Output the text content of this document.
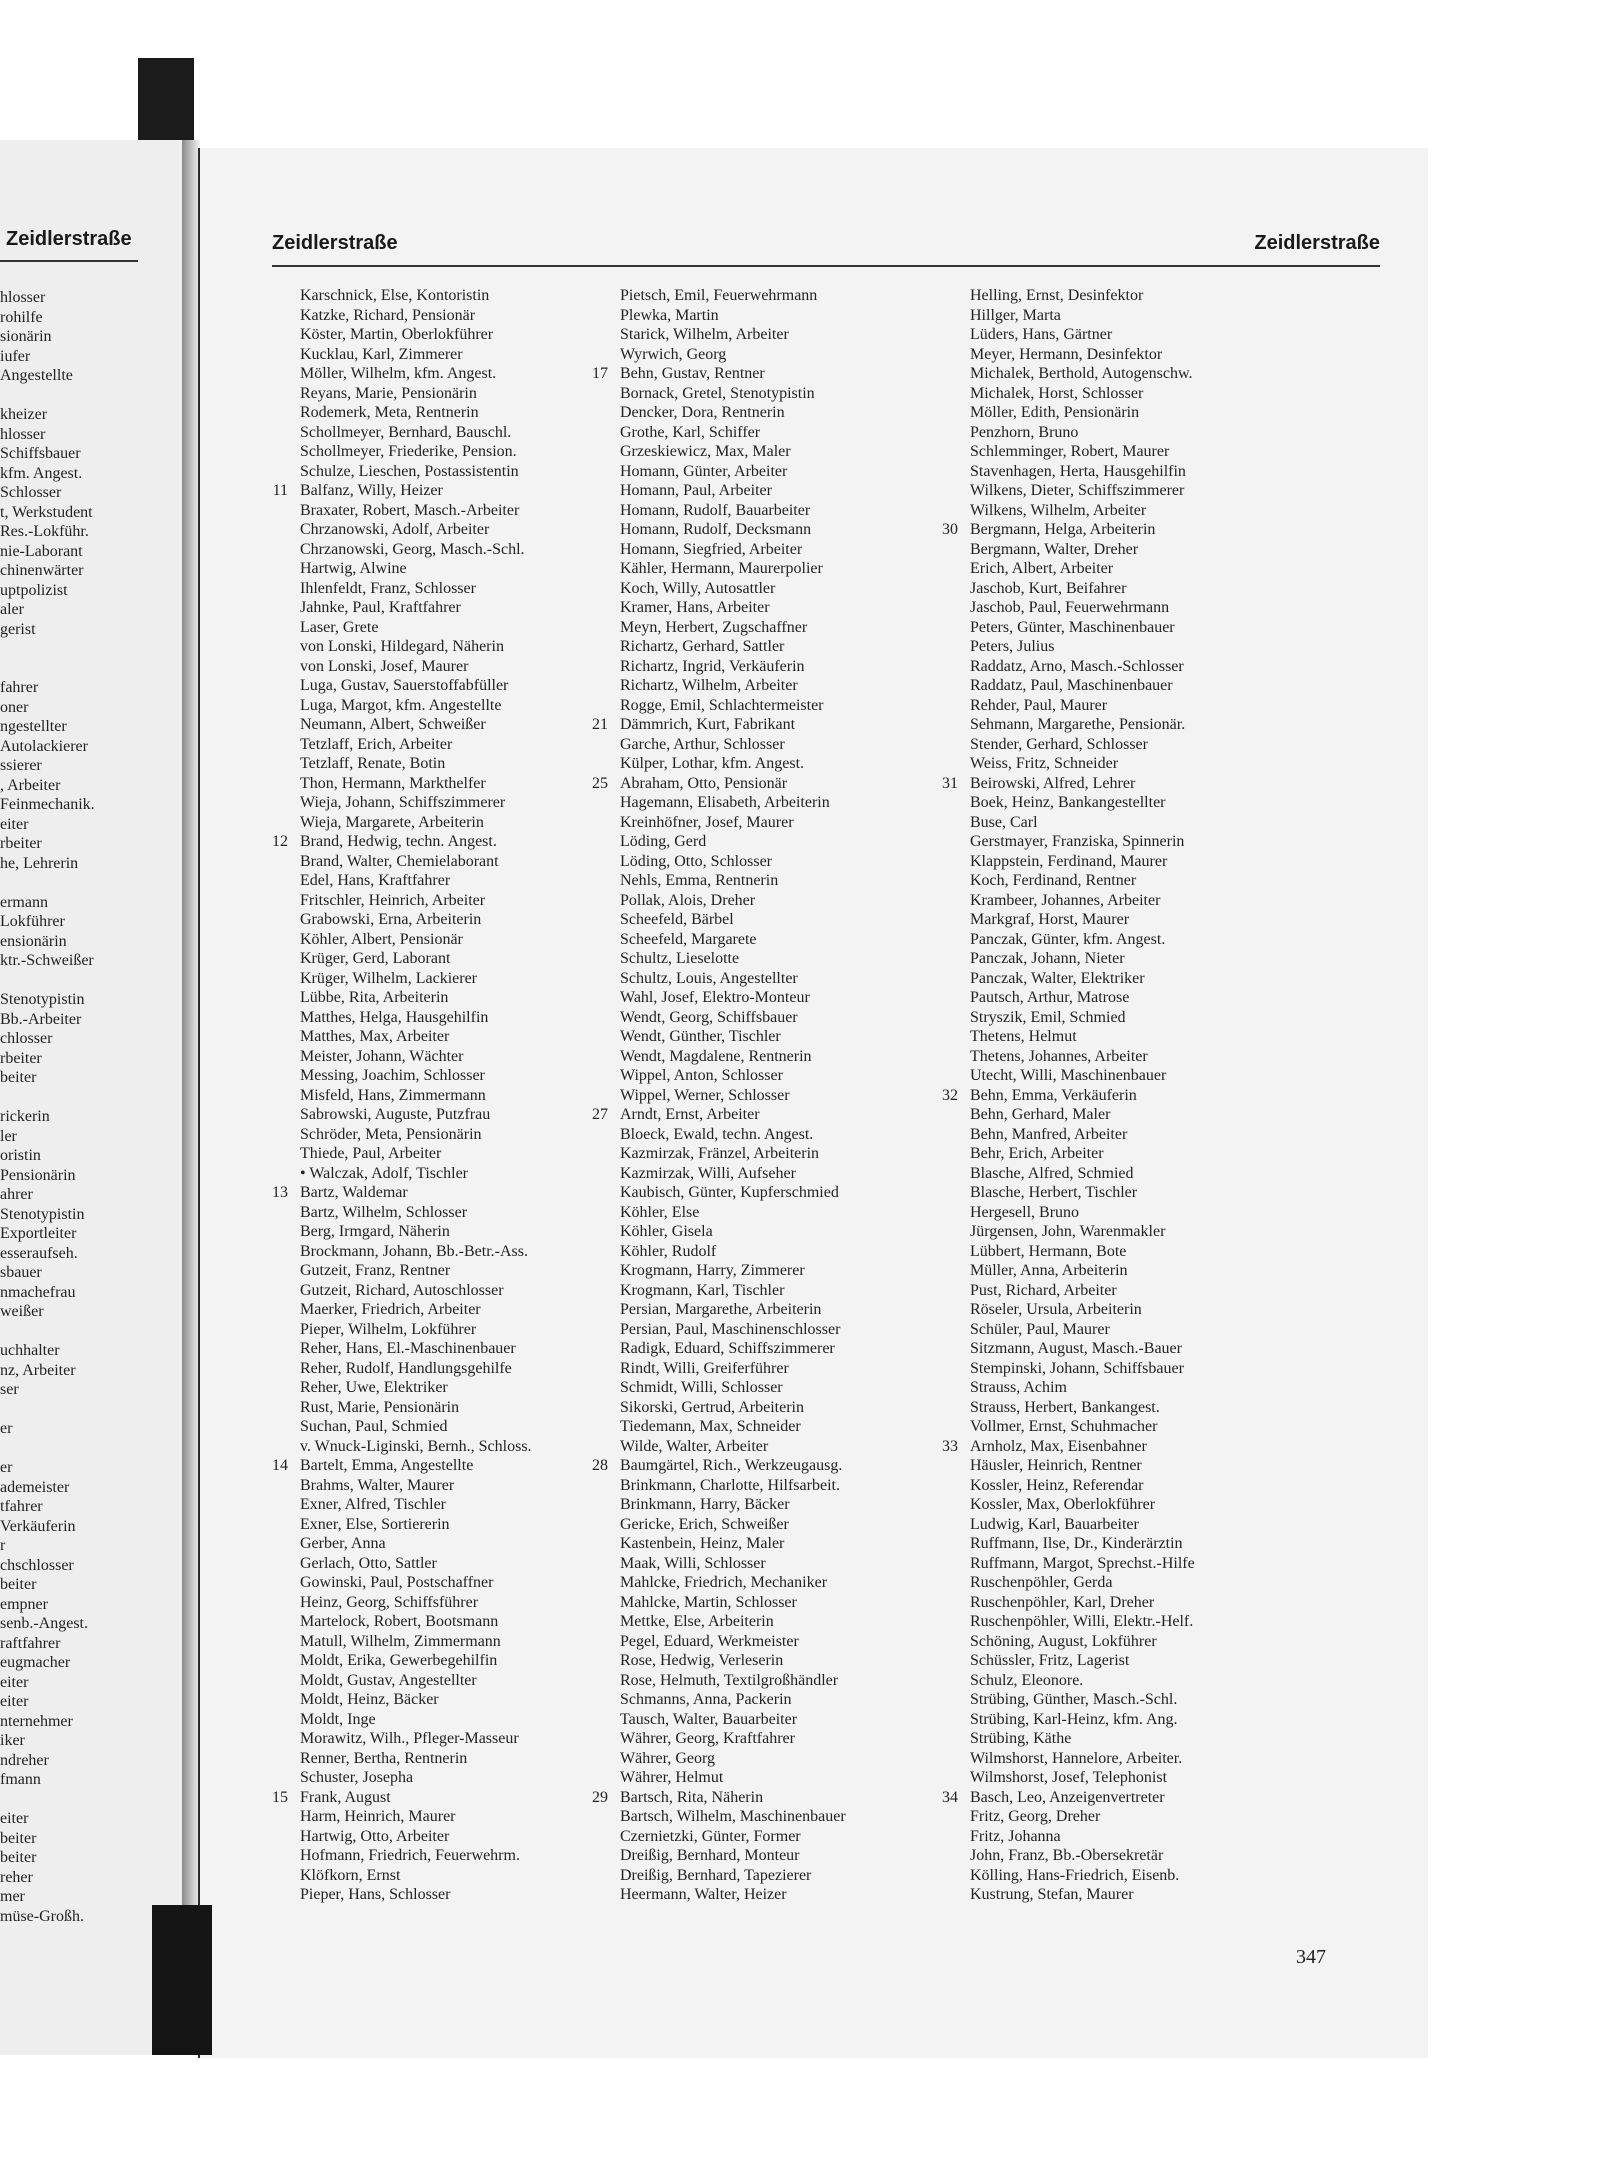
Zeidlerstraße
hlosser
rohilfe
sionärin
iufer
Angestellte
kheizer
hlosser
Schiffsbauer
kfm. Angest.
Schlosser
t, Werkstudent
Res.-Lokführ.
nie-Laborant
chinenwärter
uptpolizist
aler
gerist
fahrer
oner
ngestellter
Autolackierer
ssierer
, Arbeiter
Feinmechanik.
eiter
rbeiter
he, Lehrerin
ermann
Lokführer
ensionärin
ktr.-Schweißer
Stenotypistin
Bb.-Arbeiter
chlosser
rbeiter
beiter
rickerin
ler
oristin
Pensionärin
ahrer
Stenotypistin
Exportleiter
esseraufseh.
sbauer
nmachefrau
weißer
uchhalter
nz, Arbeiter
ser
er
er
ademeister
tfahrer
Verkäuferin
r
chschlosser
beiter
empner
senb.-Angest.
raftfahrer
eugmacher
eiter
eiter
nternehmer
iker
ndreher
fmann
eiter
beiter
beiter
reher
mer
müse-Großh.
Zeidlerstraße	Zeidlerstraße
Karschnick, Else, Kontoristin
Katzke, Richard, Pensionär
Köster, Martin, Oberlokführer
Kucklau, Karl, Zimmerer
Möller, Wilhelm, kfm. Angest.
Reyans, Marie, Pensionärin
Rodemerk, Meta, Rentnerin
Schollmeyer, Bernhard, Bauschl.
Schollmeyer, Friederike, Pension.
Schulze, Lieschen, Postassistentin
11 Balfanz, Willy, Heizer
Braxater, Robert, Masch.-Arbeiter
Chrzanowski, Adolf, Arbeiter
Chrzanowski, Georg, Masch.-Schl.
Hartwig, Alwine
Ihlenfeldt, Franz, Schlosser
Jahnke, Paul, Kraftfahrer
Laser, Grete
von Lonski, Hildegard, Näherin
von Lonski, Josef, Maurer
Luga, Gustav, Sauerstoffabfüller
Luga, Margot, kfm. Angestellte
Neumann, Albert, Schweißer
Tetzlaff, Erich, Arbeiter
Tetzlaff, Renate, Botin
Thon, Hermann, Markthelfer
Wieja, Johann, Schiffszimmerer
Wieja, Margarete, Arbeiterin
12 Brand, Hedwig, techn. Angest.
Brand, Walter, Chemielaborant
Edel, Hans, Kraftfahrer
Fritschler, Heinrich, Arbeiter
Grabowski, Erna, Arbeiterin
Köhler, Albert, Pensionär
Krüger, Gerd, Laborant
Krüger, Wilhelm, Lackierer
Lübbe, Rita, Arbeiterin
Matthes, Helga, Hausgehilfin
Matthes, Max, Arbeiter
Meister, Johann, Wächter
Messing, Joachim, Schlosser
Misfeld, Hans, Zimmermann
Sabrowski, Auguste, Putzfrau
Schröder, Meta, Pensionärin
Thiede, Paul, Arbeiter
• Walczak, Adolf, Tischler
13 Bartz, Waldemar
Bartz, Wilhelm, Schlosser
Berg, Irmgard, Näherin
Brockmann, Johann, Bb.-Betr.-Ass.
Gutzeit, Franz, Rentner
Gutzeit, Richard, Autoschlosser
Maerker, Friedrich, Arbeiter
Pieper, Wilhelm, Lokführer
Reher, Hans, El.-Maschinenbauer
Reher, Rudolf, Handlungsgehilfe
Reher, Uwe, Elektriker
Rust, Marie, Pensionärin
Suchan, Paul, Schmied
v. Wnuck-Liginski, Bernh., Schloss.
14 Bartelt, Emma, Angestellte
Brahms, Walter, Maurer
Exner, Alfred, Tischler
Exner, Else, Sortiererin
Gerber, Anna
Gerlach, Otto, Sattler
Gowinski, Paul, Postschaffner
Heinz, Georg, Schiffsführer
Martelock, Robert, Bootsmann
Matull, Wilhelm, Zimmermann
Moldt, Erika, Gewerbegehilfin
Moldt, Gustav, Angestellter
Moldt, Heinz, Bäcker
Moldt, Inge
Morawitz, Wilh., Pfleger-Masseur
Renner, Bertha, Rentnerin
Schuster, Josepha
15 Frank, August
Harm, Heinrich, Maurer
Hartwig, Otto, Arbeiter
Hofmann, Friedrich, Feuerwehrm.
Klöfkorn, Ernst
Pieper, Hans, Schlosser
Pietsch, Emil, Feuerwehrmann
Plewka, Martin
Starick, Wilhelm, Arbeiter
Wyrwich, Georg
17 Behn, Gustav, Rentner
Bornack, Gretel, Stenotypistin
Dencker, Dora, Rentnerin
Grothe, Karl, Schiffer
Grzeskiewicz, Max, Maler
Homann, Günter, Arbeiter
Homann, Paul, Arbeiter
Homann, Rudolf, Bauarbeiter
Homann, Rudolf, Decksmann
Homann, Siegfried, Arbeiter
Kähler, Hermann, Maurerpolier
Koch, Willy, Autosattler
Kramer, Hans, Arbeiter
Meyn, Herbert, Zugschaffner
Richartz, Gerhard, Sattler
Richartz, Ingrid, Verkäuferin
Richartz, Wilhelm, Arbeiter
Rogge, Emil, Schlachtermeister
21 Dämmrich, Kurt, Fabrikant
Garche, Arthur, Schlosser
Külper, Lothar, kfm. Angest.
25 Abraham, Otto, Pensionär
Hagemann, Elisabeth, Arbeiterin
Kreinhöfner, Josef, Maurer
Löding, Gerd
Löding, Otto, Schlosser
Nehls, Emma, Rentnerin
Pollak, Alois, Dreher
Scheefeld, Bärbel
Scheefeld, Margarete
Schultz, Lieselotte
Schultz, Louis, Angestellter
Wahl, Josef, Elektro-Monteur
Wendt, Georg, Schiffsbauer
Wendt, Günther, Tischler
Wendt, Magdalene, Rentnerin
Wippel, Anton, Schlosser
Wippel, Werner, Schlosser
27 Arndt, Ernst, Arbeiter
Bloeck, Ewald, techn. Angest.
Kazmirzak, Fränzel, Arbeiterin
Kazmirzak, Willi, Aufseher
Kaubisch, Günter, Kupferschmied
Köhler, Else
Köhler, Gisela
Köhler, Rudolf
Krogmann, Harry, Zimmerer
Krogmann, Karl, Tischler
Persian, Margarethe, Arbeiterin
Persian, Paul, Maschinenschlosser
Radigk, Eduard, Schiffszimmerer
Rindt, Willi, Greiferführer
Schmidt, Willi, Schlosser
Sikorski, Gertrud, Arbeiterin
Tiedemann, Max, Schneider
Wilde, Walter, Arbeiter
28 Baumgärtel, Rich., Werkzeugausg.
Brinkmann, Charlotte, Hilfsarbeit.
Brinkmann, Harry, Bäcker
Gericke, Erich, Schweißer
Kastenbein, Heinz, Maler
Maak, Willi, Schlosser
Mahlcke, Friedrich, Mechaniker
Mahlcke, Martin, Schlosser
Mettke, Else, Arbeiterin
Pegel, Eduard, Werkmeister
Rose, Hedwig, Verleserin
Rose, Helmuth, Textilgroßhändler
Schmanns, Anna, Packerin
Tausch, Walter, Bauarbeiter
Währer, Georg, Kraftfahrer
Währer, Georg
Währer, Helmut
29 Bartsch, Rita, Näherin
Bartsch, Wilhelm, Maschinenbauer
Czernietzki, Günter, Former
Dreißig, Bernhard, Monteur
Dreißig, Bernhard, Tapezierer
Heermann, Walter, Heizer
Helling, Ernst, Desinfektor
Hillger, Marta
Lüders, Hans, Gärtner
Meyer, Hermann, Desinfektor
Michalek, Berthold, Autogenschw.
Michalek, Horst, Schlosser
Möller, Edith, Pensionärin
Penzhorn, Bruno
Schlemminger, Robert, Maurer
Stavenhagen, Herta, Hausgehilfin
Wilkens, Dieter, Schiffszimmerer
Wilkens, Wilhelm, Arbeiter
30 Bergmann, Helga, Arbeiterin
Bergmann, Walter, Dreher
Erich, Albert, Arbeiter
Jaschob, Kurt, Beifahrer
Jaschob, Paul, Feuerwehrmann
Peters, Günter, Maschinenbauer
Peters, Julius
Raddatz, Arno, Masch.-Schlosser
Raddatz, Paul, Maschinenbauer
Rehder, Paul, Maurer
Sehmann, Margarethe, Pensionär.
Stender, Gerhard, Schlosser
Weiss, Fritz, Schneider
31 Beirowski, Alfred, Lehrer
Boek, Heinz, Bankangestellter
Buse, Carl
Gerstmayer, Franziska, Spinnerin
Klappstein, Ferdinand, Maurer
Koch, Ferdinand, Rentner
Krambeer, Johannes, Arbeiter
Markgraf, Horst, Maurer
Panczak, Günter, kfm. Angest.
Panczak, Johann, Nieter
Panczak, Walter, Elektriker
Pautsch, Arthur, Matrose
Stryszik, Emil, Schmied
Thetens, Helmut
Thetens, Johannes, Arbeiter
Utecht, Willi, Maschinenbauer
32 Behn, Emma, Verkäuferin
Behn, Gerhard, Maler
Behn, Manfred, Arbeiter
Behr, Erich, Arbeiter
Blasche, Alfred, Schmied
Blasche, Herbert, Tischler
Hergesell, Bruno
Jürgensen, John, Warenmakler
Lübbert, Hermann, Bote
Müller, Anna, Arbeiterin
Pust, Richard, Arbeiter
Röseler, Ursula, Arbeiterin
Schüler, Paul, Maurer
Sitzmann, August, Masch.-Bauer
Stempinski, Johann, Schiffsbauer
Strauss, Achim
Strauss, Herbert, Bankangest.
Vollmer, Ernst, Schuhmacher
33 Arnholz, Max, Eisenbahner
Häusler, Heinrich, Rentner
Kossler, Heinz, Referendar
Kossler, Max, Oberlokführer
Ludwig, Karl, Bauarbeiter
Ruffmann, Ilse, Dr., Kinderärztin
Ruffmann, Margot, Sprechst.-Hilfe
Ruschenpöhler, Gerda
Ruschenpöhler, Karl, Dreher
Ruschenpöhler, Willi, Elektr.-Helf.
Schöning, August, Lokführer
Schüssler, Fritz, Lagerist
Schulz, Eleonore.
Strübing, Günther, Masch.-Schl.
Strübing, Karl-Heinz, kfm. Ang.
Strübing, Käthe
Wilmshorst, Hannelore, Arbeiter.
Wilmshorst, Josef, Telephonist
34 Basch, Leo, Anzeigenvertreter
Fritz, Georg, Dreher
Fritz, Johanna
John, Franz, Bb.-Obersekretär
Kölling, Hans-Friedrich, Eisenb.
Kustrung, Stefan, Maurer
347
